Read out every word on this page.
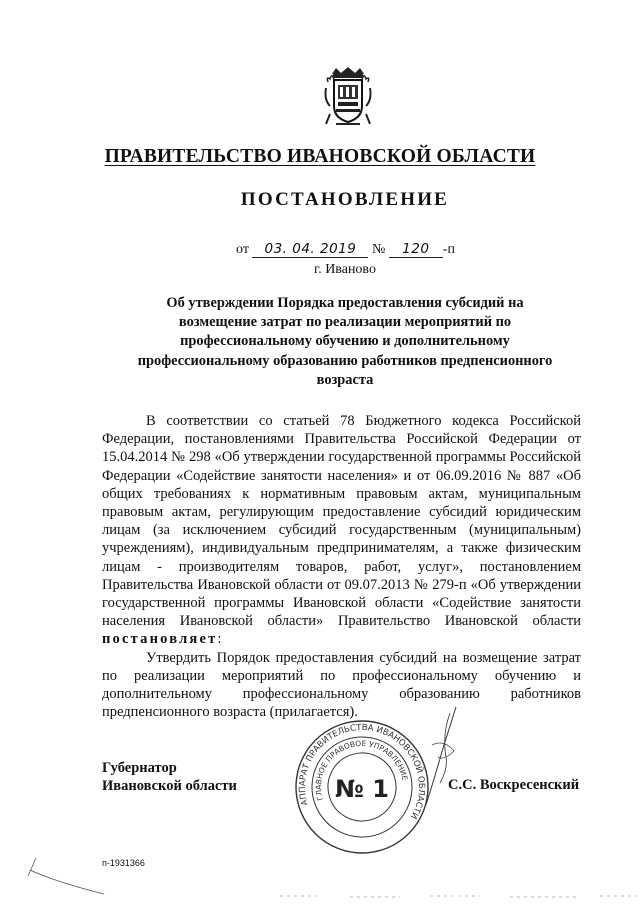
ПРАВИТЕЛЬСТВО ИВАНОВСКОЙ ОБЛАСТИ
ПОСТАНОВЛЕНИЕ
от 03. 04. 2019 № 120 -п
г. Иваново
Об утверждении Порядка предоставления субсидий на возмещение затрат по реализации мероприятий по профессиональному обучению и дополнительному профессиональному образованию работников предпенсионного возраста

В соответствии со статьей 78 Бюджетного кодекса Российской Федерации, постановлениями Правительства Российской Федерации от 15.04.2014 № 298 «Об утверждении государственной программы Российской Федерации «Содействие занятости населения» и от 06.09.2016 № 887 «Об общих требованиях к нормативным правовым актам, муниципальным правовым актам, регулирующим предоставление субсидий юридическим лицам (за исключением субсидий государственным (муниципальным) учреждениям), индивидуальным предпринимателям, а также физическим лицам - производителям товаров, работ, услуг», постановлением Правительства Ивановской области от 09.07.2013 № 279-п «Об утверждении государственной программы Ивановской области «Содействие занятости населения Ивановской области» Правительство Ивановской области постановляет:

Утвердить Порядок предоставления субсидий на возмещение затрат по реализации мероприятий по профессиональному обучению и дополнительному профессиональному образованию работников предпенсионного возраста (прилагается).

Губернатор
Ивановской области
АППАРАТ ПРАВИТЕЛЬСТВА ИВАНОВСКОЙ ОБЛАСТИ
ГЛАВНОЕ ПРАВОВОЕ УПРАВЛЕНИЕ
№ 1	С.С. Воскресенский
п-1931366
